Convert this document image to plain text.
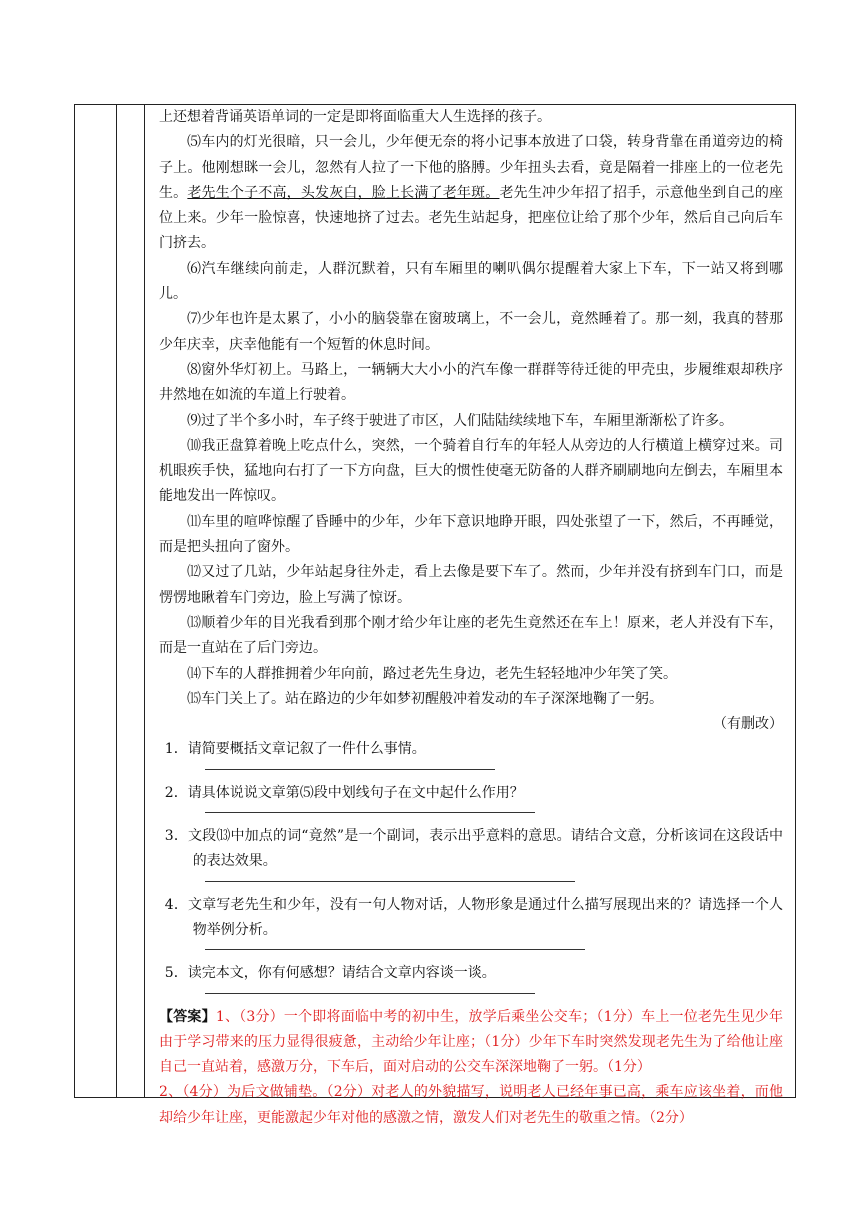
上还想着背诵英语单词的一定是即将面临重大人生选择的孩子。

⑸车内的灯光很暗，只一会儿，少年便无奈的将小记事本放进了口袋，转身背靠在甬道旁边的椅子上。他刚想眯一会儿，忽然有人拉了一下他的胳膊。少年扭头去看，竟是隔着一排座上的一位老先生。老先生个子不高，头发灰白，脸上长满了老年斑。老先生冲少年招了招手，示意他坐到自己的座位上来。少年一脸惊喜，快速地挤了过去。老先生站起身，把座位让给了那个少年，然后自己向后车门挤去。

⑹汽车继续向前走，人群沉默着，只有车厢里的喇叭偶尔提醒着大家上下车，下一站又将到哪儿。

⑺少年也许是太累了，小小的脑袋靠在窗玻璃上，不一会儿，竟然睡着了。那一刻，我真的替那少年庆幸，庆幸他能有一个短暂的休息时间。

⑻窗外华灯初上。马路上，一辆辆大大小小的汽车像一群群等待迁徙的甲壳虫，步履维艰却秩序井然地在如流的车道上行驶着。

⑼过了半个多小时，车子终于驶进了市区，人们陆陆续续地下车，车厢里渐渐松了许多。

⑽我正盘算着晚上吃点什么，突然，一个骑着自行车的年轻人从旁边的人行横道上横穿过来。司机眼疾手快，猛地向右打了一下方向盘，巨大的惯性使毫无防备的人群齐刷刷地向左倒去，车厢里本能地发出一阵惊叹。

⑾车里的喧哗惊醒了昏睡中的少年，少年下意识地睁开眼，四处张望了一下，然后，不再睡觉，而是把头扭向了窗外。

⑿又过了几站，少年站起身往外走，看上去像是要下车了。然而，少年并没有挤到车门口，而是愣愣地瞅着车门旁边，脸上写满了惊讶。

⒀顺着少年的目光我看到那个刚才给少年让座的老先生竟然还在车上！原来，老人并没有下车，而是一直站在了后门旁边。

⒁下车的人群推拥着少年向前，路过老先生身边，老先生轻轻地冲少年笑了笑。

⒂车门关上了。站在路边的少年如梦初醒般冲着发动的车子深深地鞠了一躬。

（有删改）

1．请简要概括文章记叙了一件什么事情。

2．请具体说说文章第⑸段中划线句子在文中起什么作用？

3．文段⒀中加点的词“竟然”是一个副词，表示出乎意料的意思。请结合文意，分析该词在这段话中的表达效果。

4．文章写老先生和少年，没有一句人物对话，人物形象是通过什么描写展现出来的？请选择一个人物举例分析。

5．读完本文，你有何感想？请结合文章内容谈一谈。

【答案】1、（3分）一个即将面临中考的初中生，放学后乘坐公交车；（1分）车上一位老先生见少年由于学习带来的压力显得很疲惫，主动给少年让座；（1分）少年下车时突然发现老先生为了给他让座自己一直站着，感激万分，下车后，面对启动的公交车深深地鞠了一躬。（1分）

2、（4分）为后文做铺垫。（2分）对老人的外貌描写，说明老人已经年事已高，乘车应该坐着，而他却给少年让座，更能激起少年对他的感激之情，激发人们对老先生的敬重之情。（2分）
